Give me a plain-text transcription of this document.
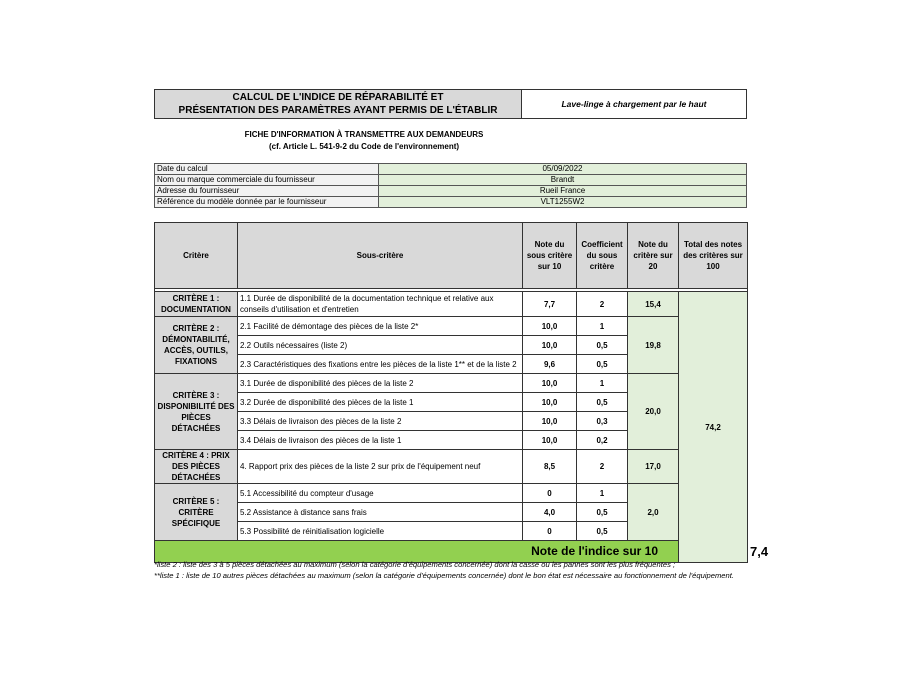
CALCUL DE L'INDICE DE RÉPARABILITÉ ET
PRÉSENTATION DES PARAMÈTRES AYANT PERMIS DE L'ÉTABLIR
Lave-linge à chargement par le haut
FICHE D'INFORMATION À TRANSMETTRE AUX DEMANDEURS
(cf. Article L. 541-9-2 du Code de l'environnement)
Date du calcul	05/09/2022
Nom ou marque commerciale du fournisseur	Brandt
Adresse du fournisseur	Rueil France
Référence du modèle donnée par le fournisseur	VLT1255W2
Critère	Sous-critère	Note du sous critère sur 10	Coefficient du sous critère	Note du critère sur 20	Total des notes des critères sur 100	

CRITÈRE 1 : DOCUMENTATION	1.1 Durée de disponibilité de la documentation technique et relative aux conseils d'utilisation et d'entretien	7,7	2	15,4	74,2	
CRITÈRE 2 : DÉMONTABILITÉ, ACCÈS, OUTILS, FIXATIONS	2.1 Facilité de démontage des pièces de la liste 2*	10,0	1	19,8		
	2.2 Outils nécessaires (liste 2)	10,0	0,5			
	2.3 Caractéristiques des fixations entre les pièces de la liste 1** et de la liste 2	9,6	0,5			
CRITÈRE 3 : DISPONIBILITÉ DES PIÈCES DÉTACHÉES	3.1 Durée de disponibilité des pièces de la liste 2	10,0	1	20,0		
	3.2 Durée de disponibilité des pièces de la liste 1	10,0	0,5			
	3.3 Délais de livraison des pièces de la liste 2	10,0	0,3			
	3.4 Délais de livraison des pièces de la liste 1	10,0	0,2			
CRITÈRE 4 : PRIX DES PIÈCES DÉTACHÉES	4. Rapport prix des pièces de la liste 2 sur prix de l'équipement neuf	8,5	2	17,0		
CRITÈRE 5 : CRITÈRE SPÉCIFIQUE	5.1 Accessibilité du compteur d'usage	0	1	2,0		
	5.2 Assistance à distance sans frais	4,0	0,5			
	5.3 Possibilité de réinitialisation logicielle	0	0,5			
Note de l'indice sur 10						7,4
*liste 2 : liste des 3 à 5 pièces détachées au maximum (selon la catégorie d'équipements concernée) dont la casse ou les pannes sont les plus fréquentes ;
**liste 1 : liste de 10 autres pièces détachées au maximum (selon la catégorie d'équipements concernée) dont le bon état est nécessaire au fonctionnement de l'équipement.
